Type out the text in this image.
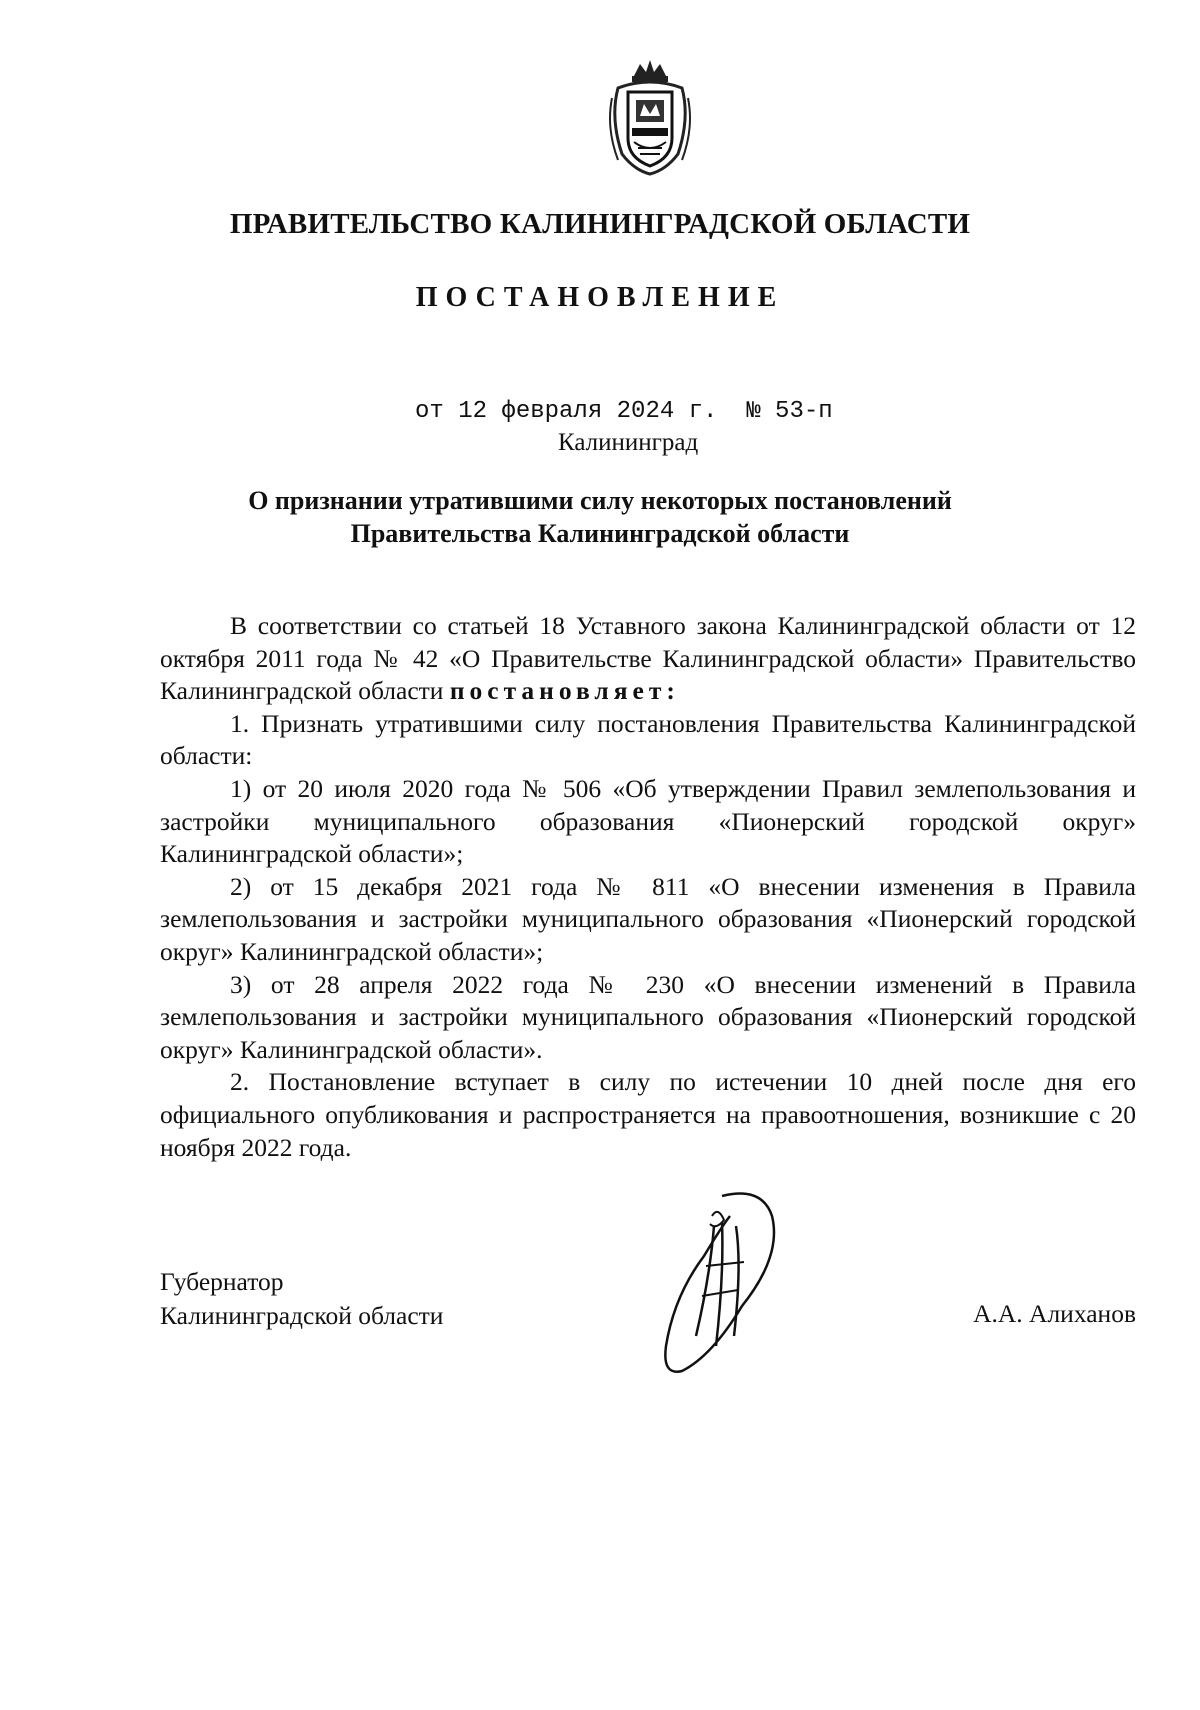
ПРАВИТЕЛЬСТВО КАЛИНИНГРАДСКОЙ ОБЛАСТИ
ПОСТАНОВЛЕНИЕ
от 12 февраля 2024 г.  № 53-п
Калининград
О признании утратившими силу некоторых постановлений
Правительства Калининградской области

В соответствии со статьей 18 Уставного закона Калининградской области от 12 октября 2011 года № 42 «О Правительстве Калининградской области» Правительство Калининградской области постановляет:

1. Признать утратившими силу постановления Правительства Калининградской области:

1) от 20 июля 2020 года № 506 «Об утверждении Правил землепользования и застройки муниципального образования «Пионерский городской округ» Калининградской области»;

2) от 15 декабря 2021 года № 811 «О внесении изменения в Правила землепользования и застройки муниципального образования «Пионерский городской округ» Калининградской области»;

3) от 28 апреля 2022 года № 230 «О внесении изменений в Правила землепользования и застройки муниципального образования «Пионерский городской округ» Калининградской области».

2. Постановление вступает в силу по истечении 10 дней после дня его официального опубликования и распространяется на правоотношения, возникшие с 20 ноября 2022 года.

Губернатор
Калининградской области	А.А. Алиханов
